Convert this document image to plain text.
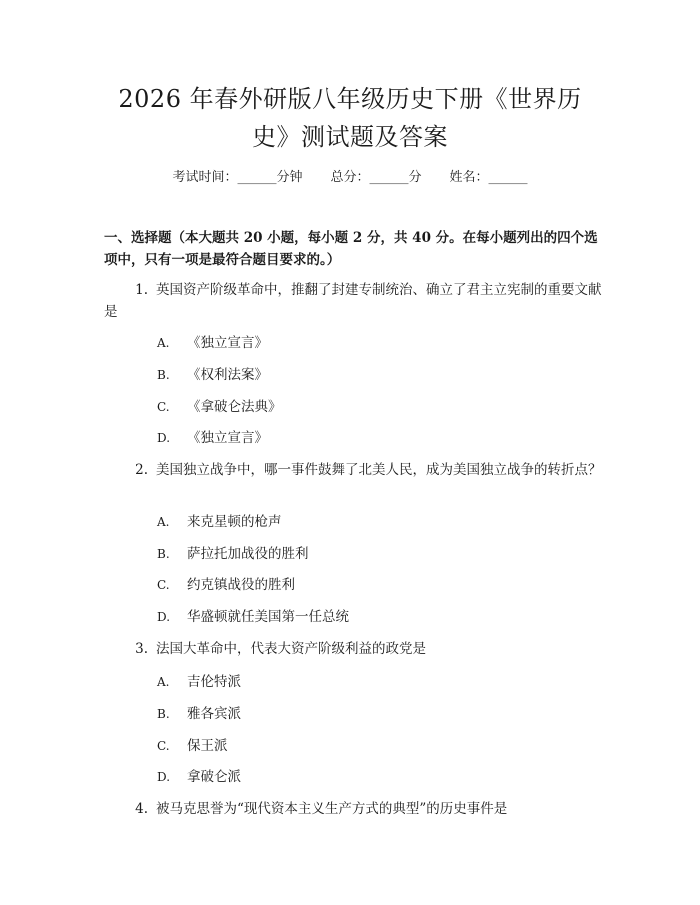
2026 年春外研版八年级历史下册《世界历
史》测试题及答案
考试时间：______分钟 总分：______分 姓名：______
一、选择题（本大题共 20 小题，每小题 2 分，共 40 分。在每小题列出的四个选项中，只有一项是最符合题目要求的。）
1. 英国资产阶级革命中，推翻了封建专制统治、确立了君主立宪制的重要文献是
A. 《独立宣言》
B. 《权利法案》
C. 《拿破仑法典》
D. 《独立宣言》
2. 美国独立战争中，哪一事件鼓舞了北美人民，成为美国独立战争的转折点？
A. 来克星顿的枪声
B. 萨拉托加战役的胜利
C. 约克镇战役的胜利
D. 华盛顿就任美国第一任总统
3. 法国大革命中，代表大资产阶级利益的政党是
A. 吉伦特派
B. 雅各宾派
C. 保王派
D. 拿破仑派
4. 被马克思誉为“现代资本主义生产方式的典型”的历史事件是
